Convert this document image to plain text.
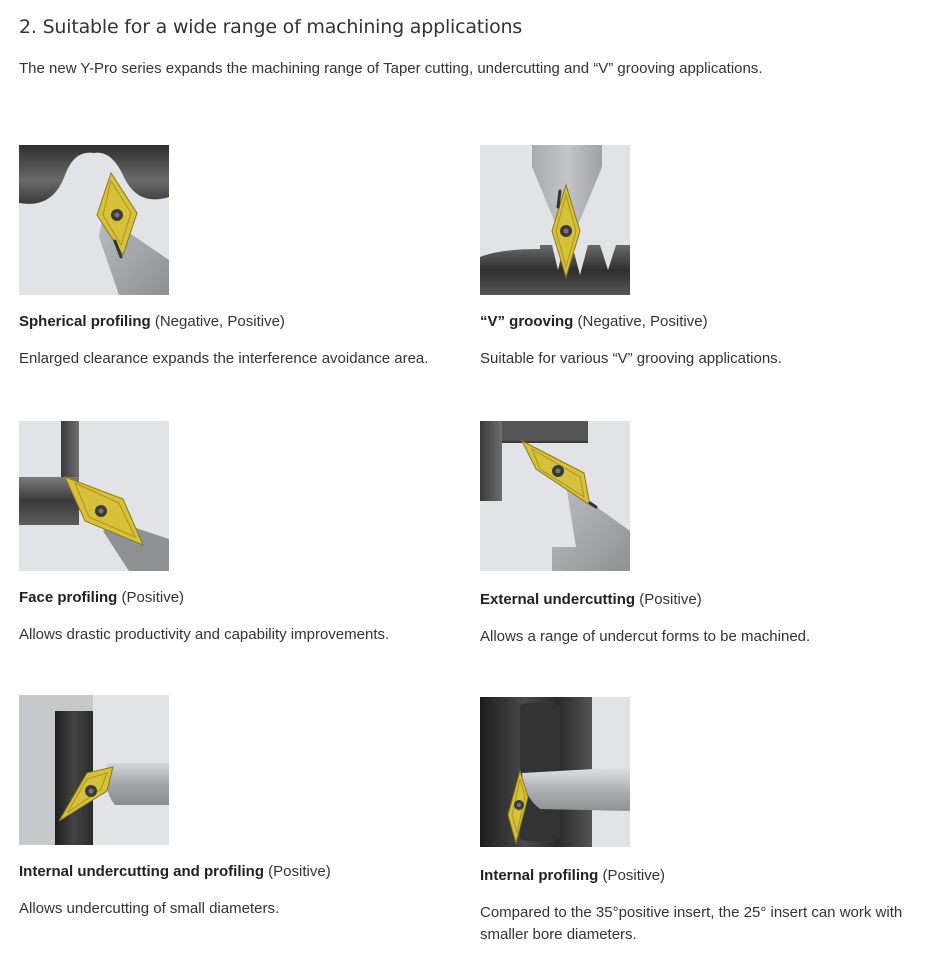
2. Suitable for a wide range of machining applications

The new Y-Pro series expands the machining range of Taper cutting, undercutting and “V” grooving applications.

Spherical profiling (Negative, Positive)

Enlarged clearance expands the interference avoidance area.

“V” grooving (Negative, Positive)

Suitable for various “V” grooving applications.

Face profiling (Positive)

Allows drastic productivity and capability improvements.

External undercutting (Positive)

Allows a range of undercut forms to be machined.

Internal undercutting and profiling (Positive)

Allows undercutting of small diameters.

Internal profiling (Positive)

Compared to the 35°positive insert, the 25° insert can work with smaller bore diameters.
